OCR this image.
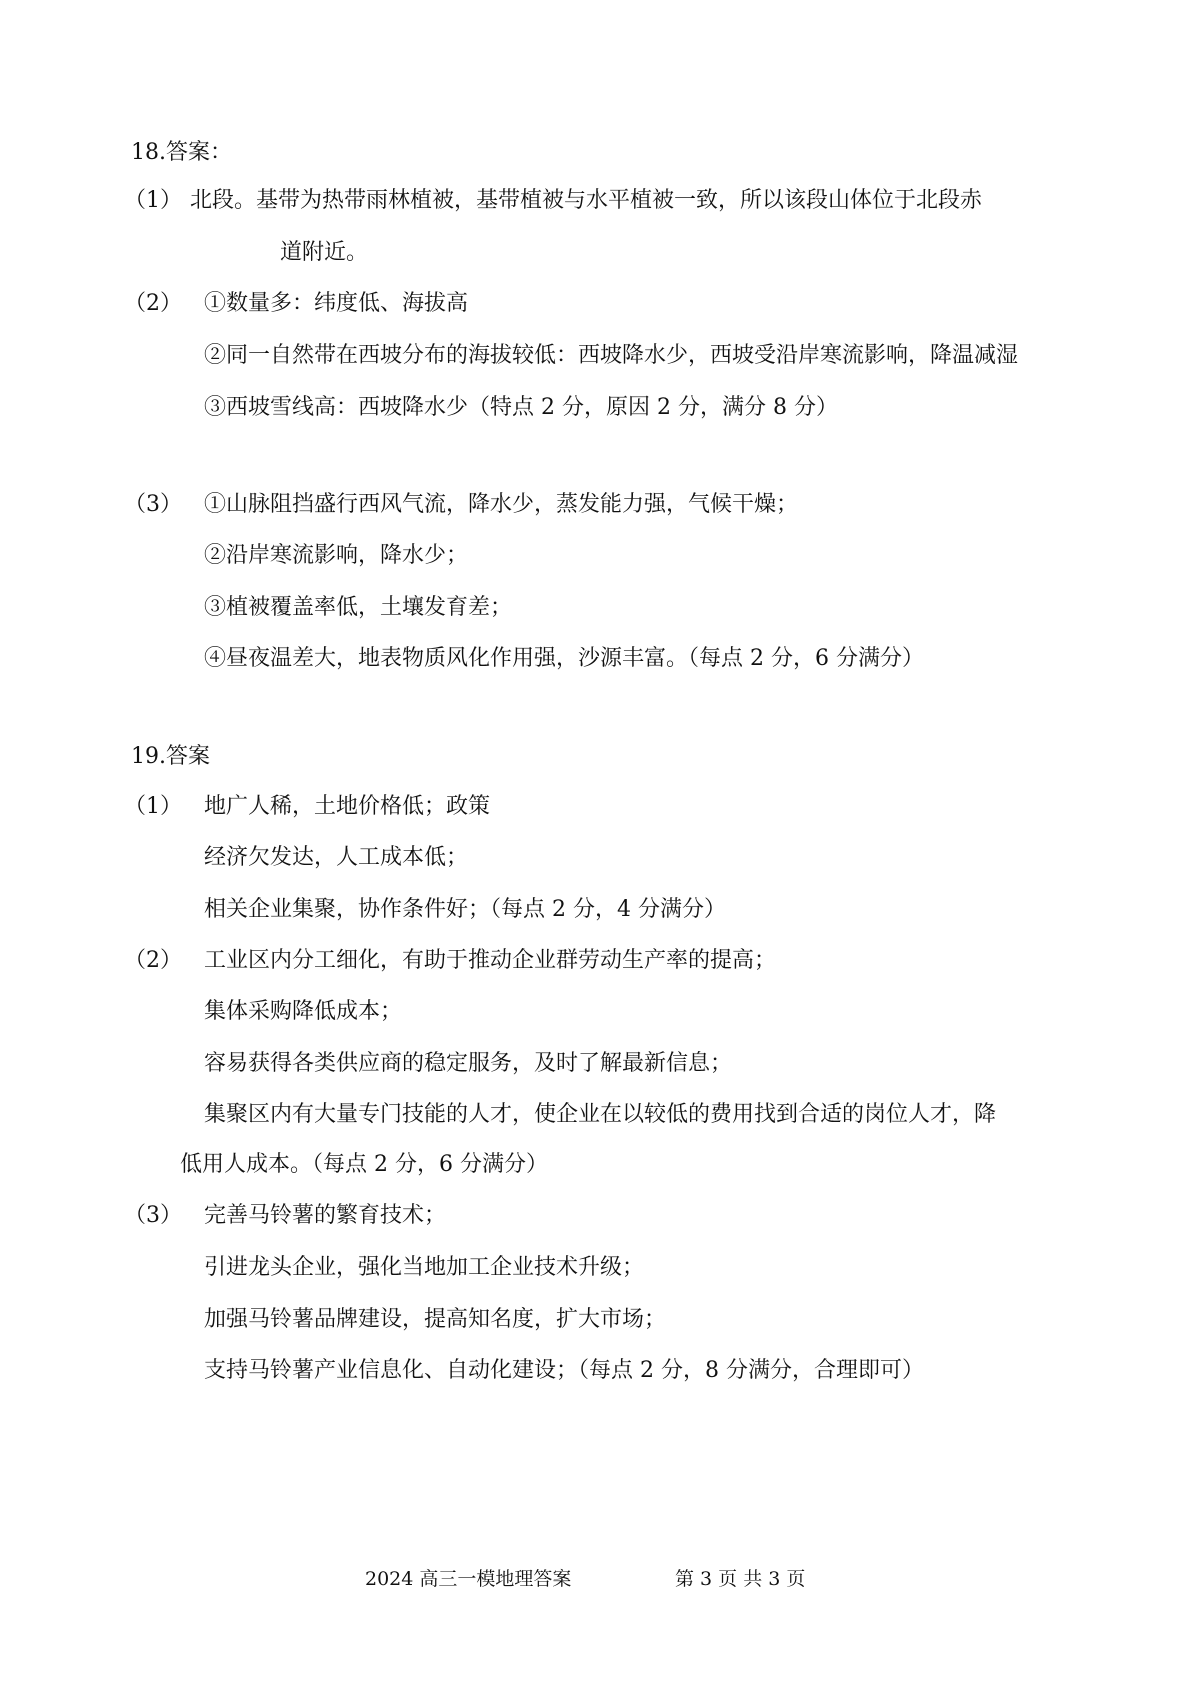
18.答案：
（1） 北段。基带为热带雨林植被，基带植被与水平植被一致，所以该段山体位于北段赤
道附近。
（2） ①数量多：纬度低、海拔高
②同一自然带在西坡分布的海拔较低：西坡降水少，西坡受沿岸寒流影响，降温减湿
③西坡雪线高：西坡降水少（特点 2 分，原因 2 分，满分 8 分）
（3） ①山脉阻挡盛行西风气流，降水少，蒸发能力强，气候干燥；
②沿岸寒流影响，降水少；
③植被覆盖率低，土壤发育差；
④昼夜温差大，地表物质风化作用强，沙源丰富。（每点 2 分，6 分满分）
19.答案
（1） 地广人稀，土地价格低；政策
经济欠发达，人工成本低；
相关企业集聚，协作条件好；（每点 2 分，4 分满分）
（2） 工业区内分工细化，有助于推动企业群劳动生产率的提高；
集体采购降低成本；
容易获得各类供应商的稳定服务，及时了解最新信息；
集聚区内有大量专门技能的人才，使企业在以较低的费用找到合适的岗位人才，降
低用人成本。（每点 2 分，6 分满分）
（3） 完善马铃薯的繁育技术；
引进龙头企业，强化当地加工企业技术升级；
加强马铃薯品牌建设，提高知名度，扩大市场；
支持马铃薯产业信息化、自动化建设；（每点 2 分，8 分满分，合理即可）
2024 高三一模地理答案	第 3 页 共 3 页
